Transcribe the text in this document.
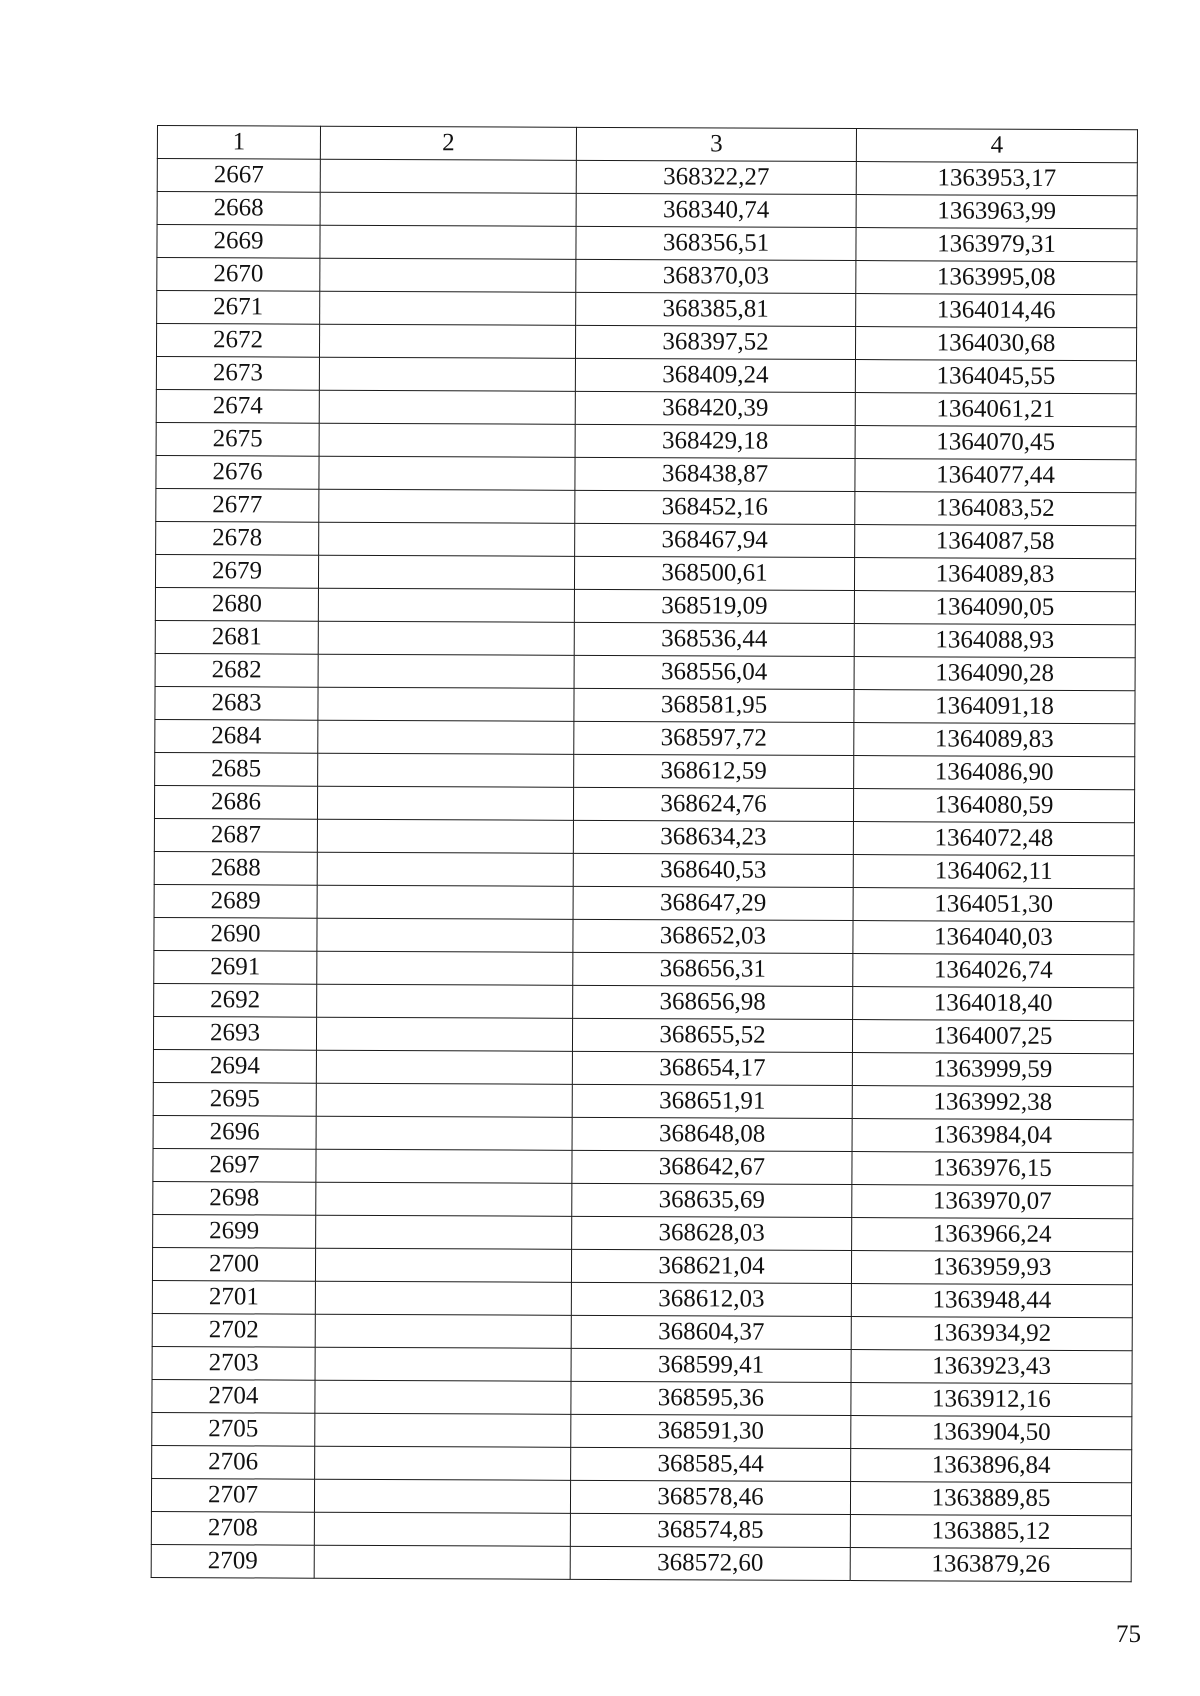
1	2	3	4
2667		368322,27	1363953,17
2668		368340,74	1363963,99
2669		368356,51	1363979,31
2670		368370,03	1363995,08
2671		368385,81	1364014,46
2672		368397,52	1364030,68
2673		368409,24	1364045,55
2674		368420,39	1364061,21
2675		368429,18	1364070,45
2676		368438,87	1364077,44
2677		368452,16	1364083,52
2678		368467,94	1364087,58
2679		368500,61	1364089,83
2680		368519,09	1364090,05
2681		368536,44	1364088,93
2682		368556,04	1364090,28
2683		368581,95	1364091,18
2684		368597,72	1364089,83
2685		368612,59	1364086,90
2686		368624,76	1364080,59
2687		368634,23	1364072,48
2688		368640,53	1364062,11
2689		368647,29	1364051,30
2690		368652,03	1364040,03
2691		368656,31	1364026,74
2692		368656,98	1364018,40
2693		368655,52	1364007,25
2694		368654,17	1363999,59
2695		368651,91	1363992,38
2696		368648,08	1363984,04
2697		368642,67	1363976,15
2698		368635,69	1363970,07
2699		368628,03	1363966,24
2700		368621,04	1363959,93
2701		368612,03	1363948,44
2702		368604,37	1363934,92
2703		368599,41	1363923,43
2704		368595,36	1363912,16
2705		368591,30	1363904,50
2706		368585,44	1363896,84
2707		368578,46	1363889,85
2708		368574,85	1363885,12
2709		368572,60	1363879,26
75
